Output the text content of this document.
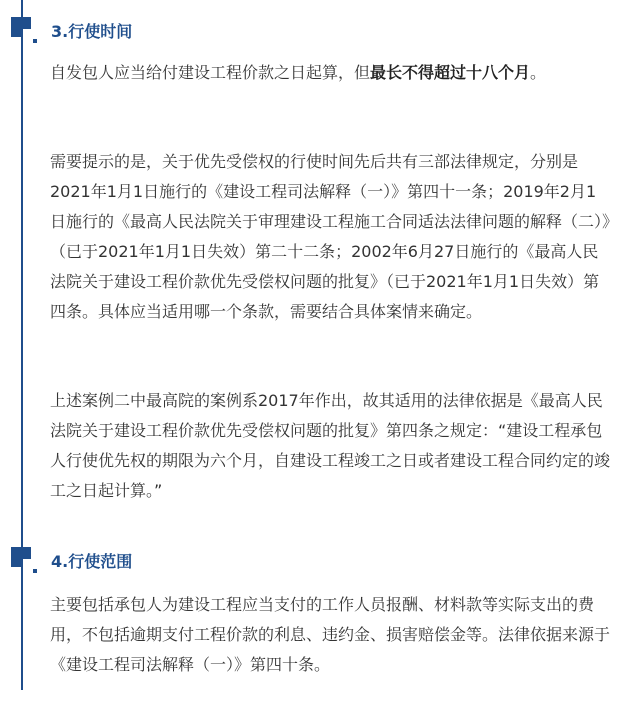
3.行使时间

自发包人应当给付建设工程价款之日起算，但最长不得超过十八个月。

需要提示的是，关于优先受偿权的行使时间先后共有三部法律规定，分别是2021年1月1日施行的《建设工程司法解释（一）》第四十一条；2019年2月1日施行的《最高人民法院关于审理建设工程施工合同适法法律问题的解释（二）》（已于2021年1月1日失效）第二十二条；2002年6月27日施行的《最高人民法院关于建设工程价款优先受偿权问题的批复》（已于2021年1月1日失效）第四条。具体应当适用哪一个条款，需要结合具体案情来确定。

上述案例二中最高院的案例系2017年作出，故其适用的法律依据是《最高人民法院关于建设工程价款优先受偿权问题的批复》第四条之规定：“建设工程承包人行使优先权的期限为六个月，自建设工程竣工之日或者建设工程合同约定的竣工之日起计算。”

4.行使范围

主要包括承包人为建设工程应当支付的工作人员报酬、材料款等实际支出的费用，不包括逾期支付工程价款的利息、违约金、损害赔偿金等。法律依据来源于《建设工程司法解释（一）》第四十条。
